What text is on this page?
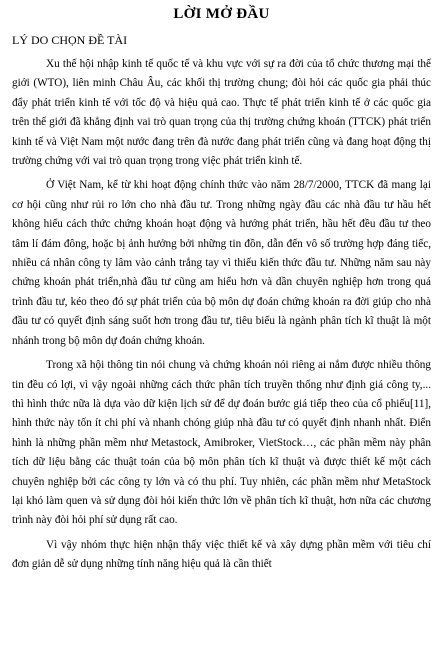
LỜI MỞ ĐẦU
LÝ DO CHỌN ĐỀ TÀI

Xu thế hội nhập kinh tế quốc tế và khu vực với sự ra đời của tổ chức thương mại thế giới (WTO), liên minh Châu Âu, các khối thị trường chung; đòi hỏi các quốc gia phải thúc đẩy phát triển kinh tế với tốc độ và hiệu quả cao. Thực tế phát triển kinh tế ở các quốc gia trên thế giới đã khẳng định vai trò quan trọng của thị trường chứng khoán (TTCK) phát triển kinh tế và Việt Nam một nước đang trên đà nước đang phát triển cũng và đang hoạt động thị trường chứng với vai trò quan trọng trong việc phát triển kinh tế.

Ở Việt Nam, kể từ khi hoạt động chính thức vào năm 28/7/2000, TTCK đã mang lại cơ hội cũng như rủi ro lớn cho nhà đầu tư. Trong những ngày đầu các nhà đầu tư hầu hết không hiểu cách thức chứng khoán hoạt động và hướng phát triển, hầu hết đều đầu tư theo tâm lí đám đông, hoặc bị ảnh hưởng bởi những tin đồn, dẫn đến vô số trường hợp đáng tiếc, nhiều cá nhân công ty lâm vào cảnh trắng tay vì thiếu kiến thức đầu tư. Những năm sau này chứng khoán phát triển,nhà đầu tư cũng am hiểu hơn và dần chuyên nghiệp hơn trong quá trình đầu tư, kéo theo đó sự phát triển của bộ môn dự đoán chứng khoán ra đời giúp cho nhà đầu tư có quyết định sáng suốt hơn trong đầu tư, tiêu biểu là ngành phân tích kĩ thuật là một nhánh trong bộ môn dự đoán chứng khoán.

Trong xã hội thông tin nói chung và chứng khoán nói riêng ai nắm được nhiều thông tin đều có lợi, vì vậy ngoài những cách thức phân tích truyền thống như định giá công ty,... thì hình thức nữa là dựa vào dữ kiện lịch sử để dự đoán bước giá tiếp theo của cổ phiếu[11], hình thức này tốn ít chi phí và nhanh chóng giúp nhà đầu tư có quyết định nhanh nhất. Điển hình là những phần mềm như Metastock, Amibroker, VietStock…, các phần mềm này phân tích dữ liệu bằng các thuật toán của bộ môn phân tích kĩ thuật và được thiết kế một cách chuyên nghiệp bởi các công ty lớn và có thu phí. Tuy nhiên, các phần mềm như MetaStock lại khó làm quen và sử dụng đòi hỏi kiến thức lớn về phân tích kĩ thuật, hơn nữa các chương trình này đòi hỏi phí sử dụng rất cao.

Vì vậy nhóm thực hiện nhận thấy việc thiết kế và xây dựng phần mềm với tiêu chí đơn giản dễ sử dụng những tính năng hiệu quả là cần thiết
